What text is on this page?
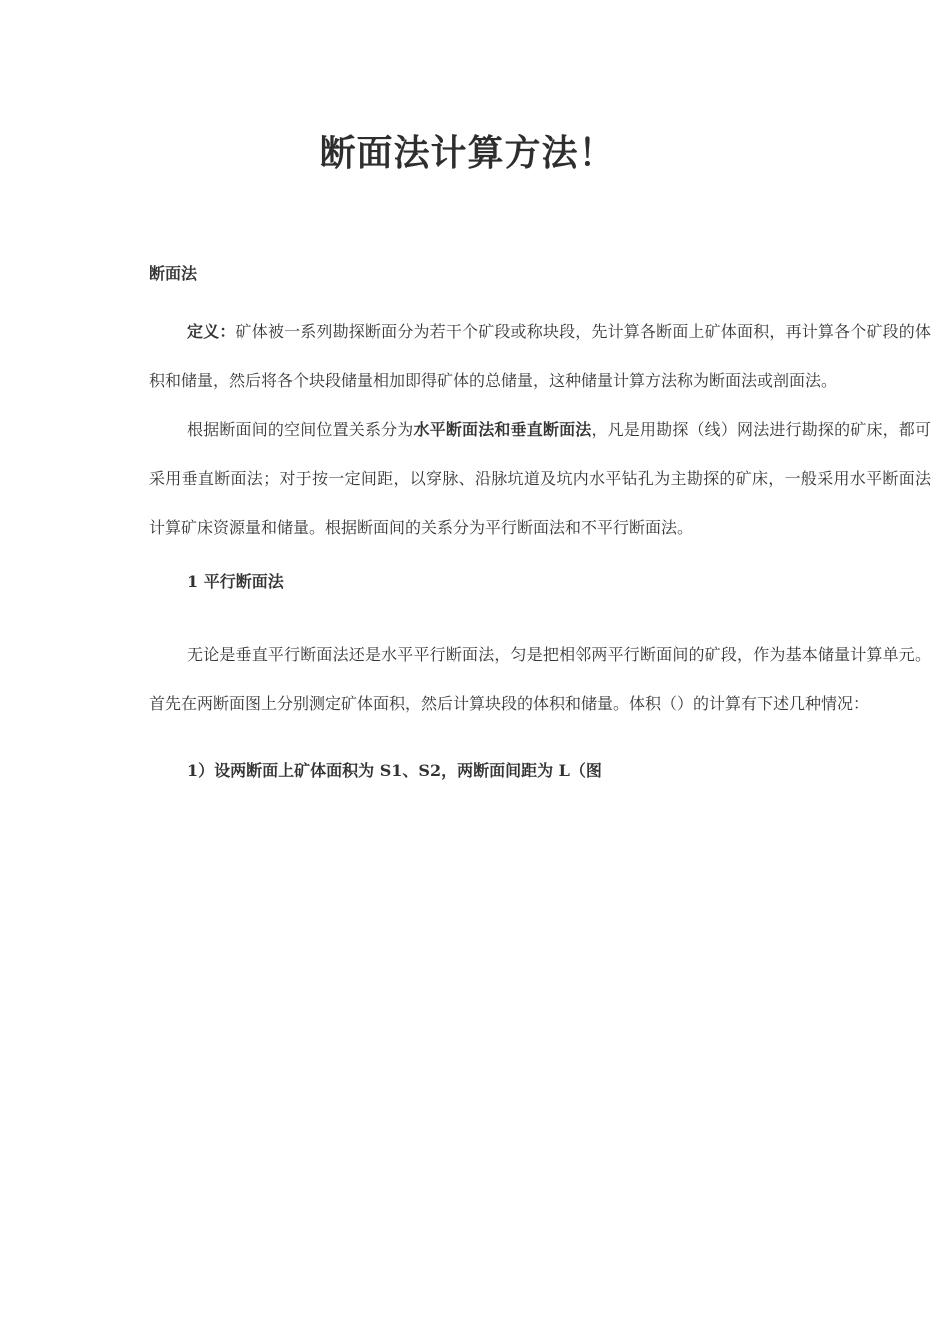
断面法计算方法！

断面法

定义：矿体被一系列勘探断面分为若干个矿段或称块段，先计算各断面上矿体面积，再计算各个矿段的体积和储量，然后将各个块段储量相加即得矿体的总储量，这种储量计算方法称为断面法或剖面法。

根据断面间的空间位置关系分为水平断面法和垂直断面法，凡是用勘探（线）网法进行勘探的矿床，都可采用垂直断面法；对于按一定间距，以穿脉、沿脉坑道及坑内水平钻孔为主勘探的矿床，一般采用水平断面法计算矿床资源量和储量。根据断面间的关系分为平行断面法和不平行断面法。

1 平行断面法

无论是垂直平行断面法还是水平平行断面法，匀是把相邻两平行断面间的矿段，作为基本储量计算单元。首先在两断面图上分别测定矿体面积，然后计算块段的体积和储量。体积（）的计算有下述几种情况：

1）设两断面上矿体面积为 S1、S2，两断面间距为 L（图
